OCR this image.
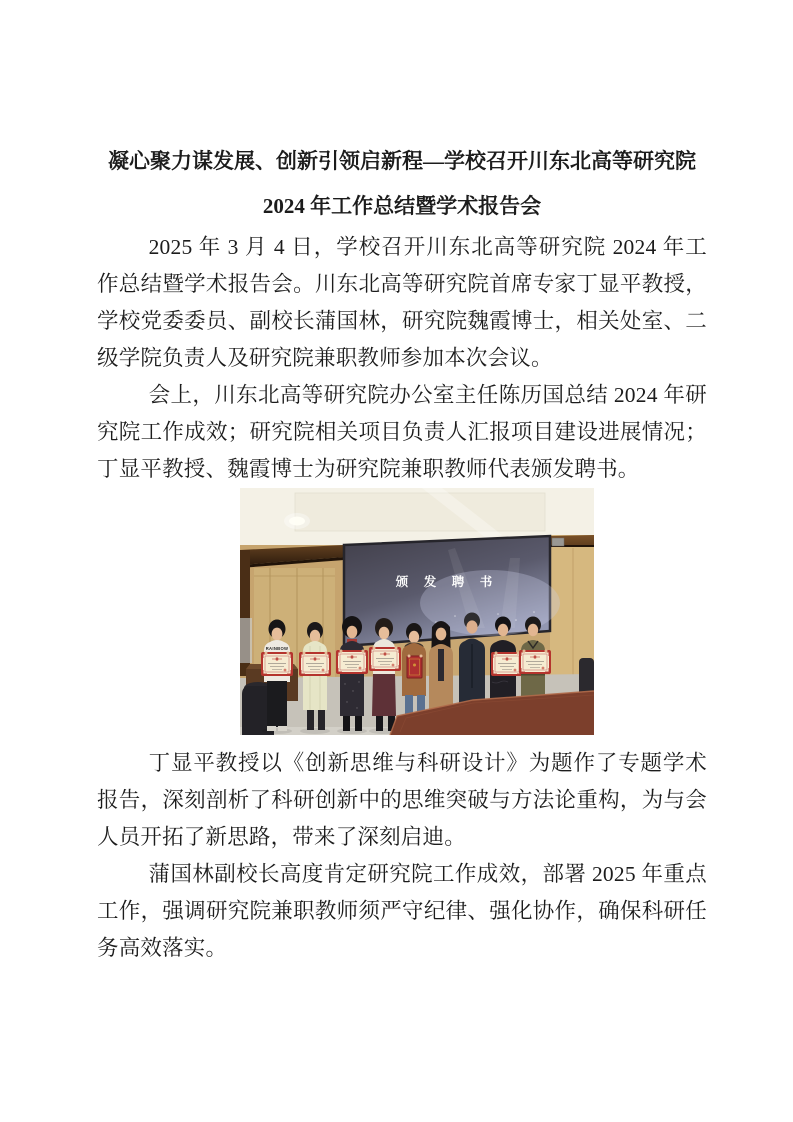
凝心聚力谋发展、创新引领启新程—学校召开川东北高等研究院
2024 年工作总结暨学术报告会

2025 年 3 月 4 日，学校召开川东北高等研究院 2024 年工作总结暨学术报告会。川东北高等研究院首席专家丁显平教授，学校党委委员、副校长蒲国林，研究院魏霞博士，相关处室、二级学院负责人及研究院兼职教师参加本次会议。

会上，川东北高等研究院办公室主任陈历国总结 2024 年研究院工作成效；研究院相关项目负责人汇报项目建设进展情况；丁显平教授、魏霞博士为研究院兼职教师代表颁发聘书。

颁 发 聘 书
RAINBOW

丁显平教授以《创新思维与科研设计》为题作了专题学术报告，深刻剖析了科研创新中的思维突破与方法论重构，为与会人员开拓了新思路，带来了深刻启迪。

蒲国林副校长高度肯定研究院工作成效，部署 2025 年重点工作，强调研究院兼职教师须严守纪律、强化协作，确保科研任务高效落实。
